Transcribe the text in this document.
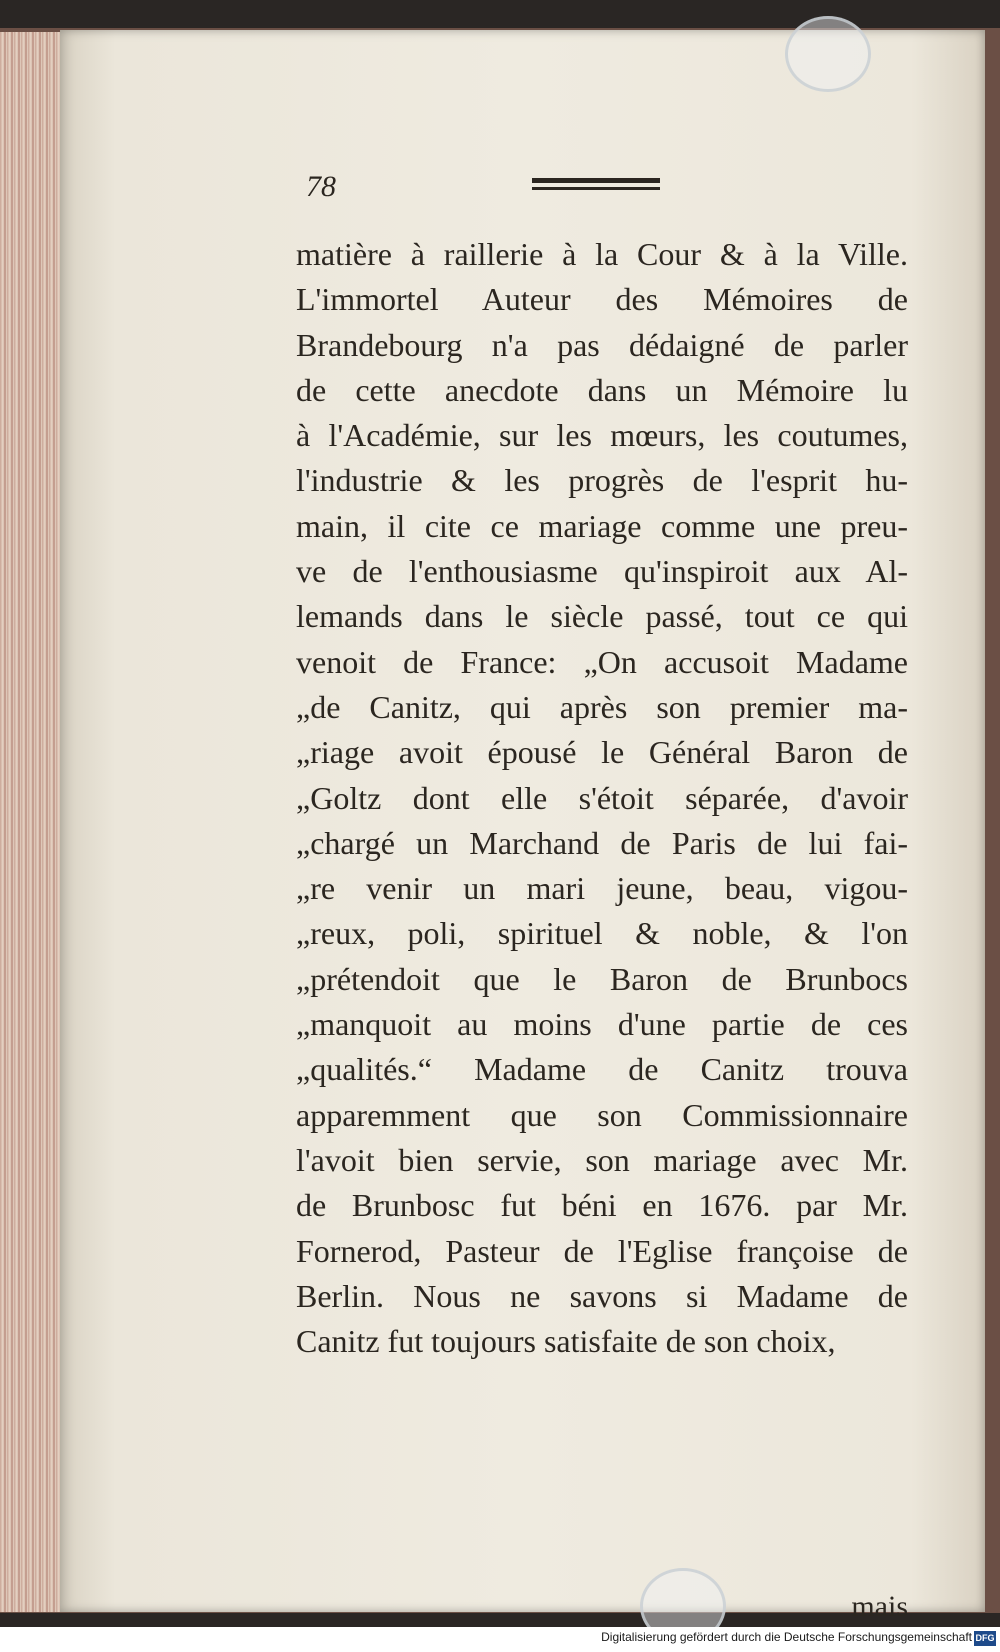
78
matière à raillerie à la Cour & à la Ville.
L'immortel Auteur des Mémoires de
Brandebourg n'a pas dédaigné de parler
de cette anecdote dans un Mémoire lu
à l'Académie, sur les mœurs, les coutumes,
l'industrie & les progrès de l'esprit hu-
main, il cite ce mariage comme une preu-
ve de l'enthousiasme qu'inspiroit aux Al-
lemands dans le siècle passé, tout ce qui
venoit de France: „On accusoit Madame
„de Canitz, qui après son premier ma-
„riage avoit épousé le Général Baron de
„Goltz dont elle s'étoit séparée, d'avoir
„chargé un Marchand de Paris de lui fai-
„re venir un mari jeune, beau, vigou-
„reux, poli, spirituel & noble, & l'on
„prétendoit que le Baron de Brunbocs
„manquoit au moins d'une partie de ces
„qualités.“ Madame de Canitz trouva
apparemment que son Commissionnaire
l'avoit bien servie, son mariage avec Mr.
de Brunbosc fut béni en 1676. par Mr.
Fornerod, Pasteur de l'Eglise françoise de
Berlin. Nous ne savons si Madame de
Canitz fut toujours satisfaite de son choix,
mais
Digitalisierung gefördert durch die Deutsche Forschungsgemeinschaft DFG
